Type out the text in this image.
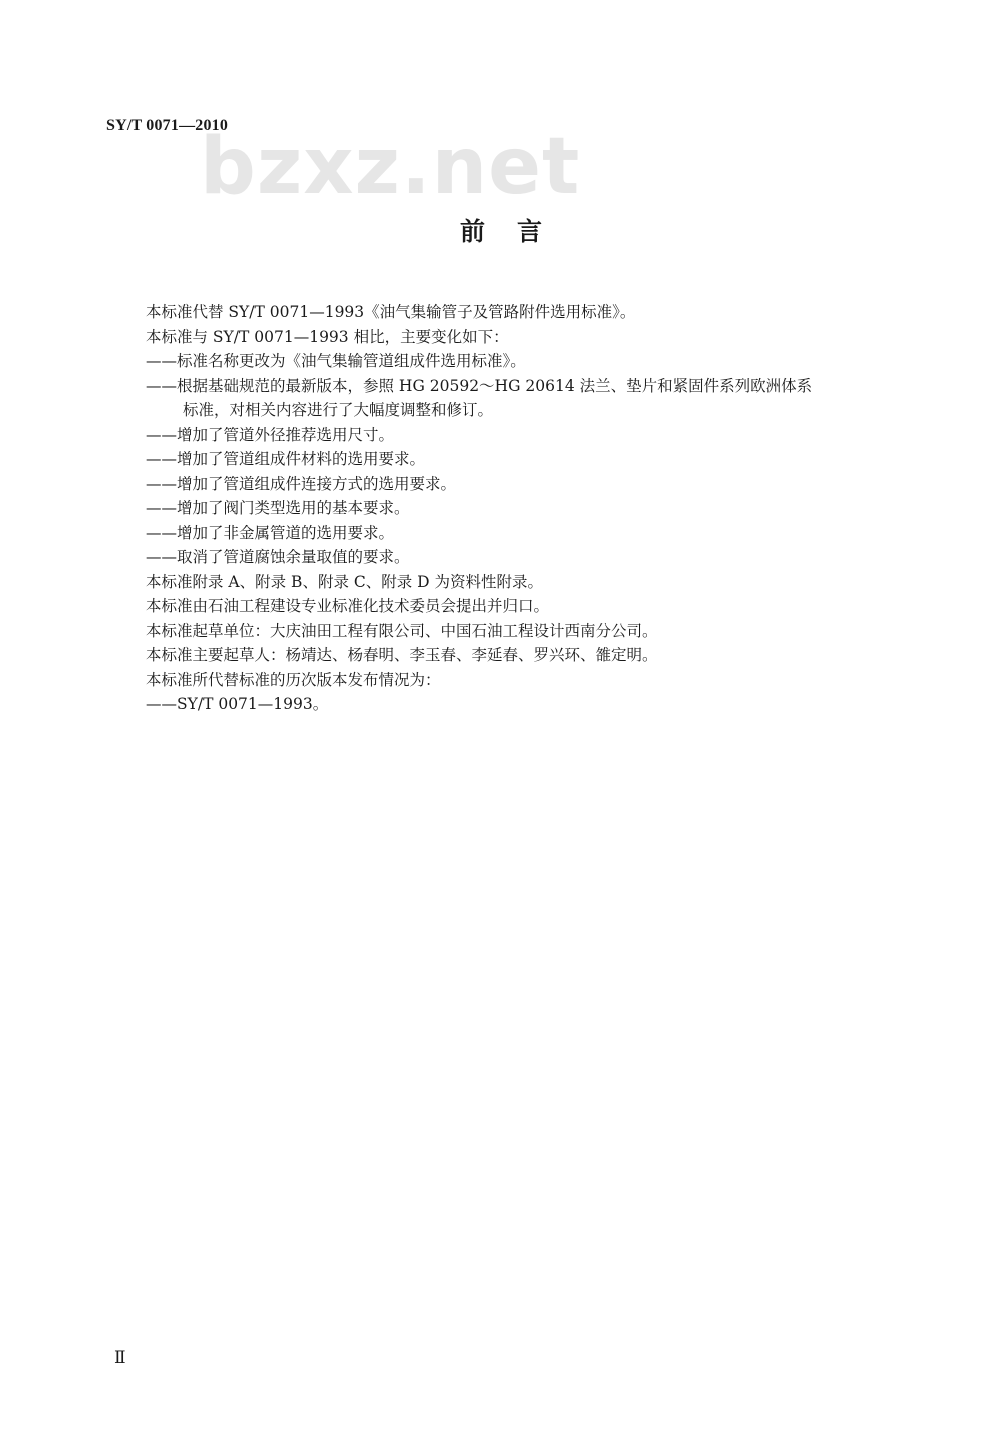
SY/T 0071—2010
bzxz.net
前言
本标准代替 SY/T 0071—1993《油气集输管子及管路附件选用标准》。
本标准与 SY/T 0071—1993 相比，主要变化如下：
——标准名称更改为《油气集输管道组成件选用标准》。
——根据基础规范的最新版本，参照 HG 20592～HG 20614 法兰、垫片和紧固件系列欧洲体系
标准，对相关内容进行了大幅度调整和修订。
——增加了管道外径推荐选用尺寸。
——增加了管道组成件材料的选用要求。
——增加了管道组成件连接方式的选用要求。
——增加了阀门类型选用的基本要求。
——增加了非金属管道的选用要求。
——取消了管道腐蚀余量取值的要求。
本标准附录 A、附录 B、附录 C、附录 D 为资料性附录。
本标准由石油工程建设专业标准化技术委员会提出并归口。
本标准起草单位：大庆油田工程有限公司、中国石油工程设计西南分公司。
本标准主要起草人：杨靖达、杨春明、李玉春、李延春、罗兴环、雒定明。
本标准所代替标准的历次版本发布情况为：
——SY/T 0071—1993。
Ⅱ
